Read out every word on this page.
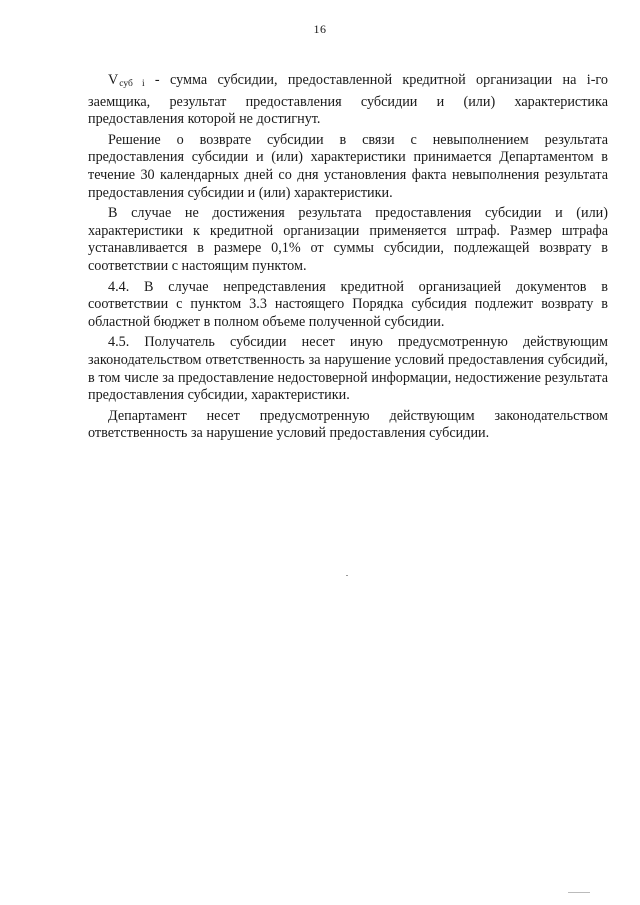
16

$V_{суб i}$ - сумма субсидии, предоставленной кредитной организации на i-го заемщика, результат предоставления субсидии и (или) характеристика предоставления которой не достигнут.

Решение о возврате субсидии в связи с невыполнением результата предоставления субсидии и (или) характеристики принимается Департаментом в течение 30 календарных дней со дня установления факта невыполнения результата предоставления субсидии и (или) характеристики.

В случае не достижения результата предоставления субсидии и (или) характеристики к кредитной организации применяется штраф. Размер штрафа устанавливается в размере 0,1% от суммы субсидии, подлежащей возврату в соответствии с настоящим пунктом.

4.4. В случае непредставления кредитной организацией документов в соответствии с пунктом 3.3 настоящего Порядка субсидия подлежит возврату в областной бюджет в полном объеме полученной субсидии.

4.5. Получатель субсидии несет иную предусмотренную действующим законодательством ответственность за нарушение условий предоставления субсидий, в том числе за предоставление недостоверной информации, недостижение результата предоставления субсидии, характеристики.

Департамент несет предусмотренную действующим законодательством ответственность за нарушение условий предоставления субсидии.
